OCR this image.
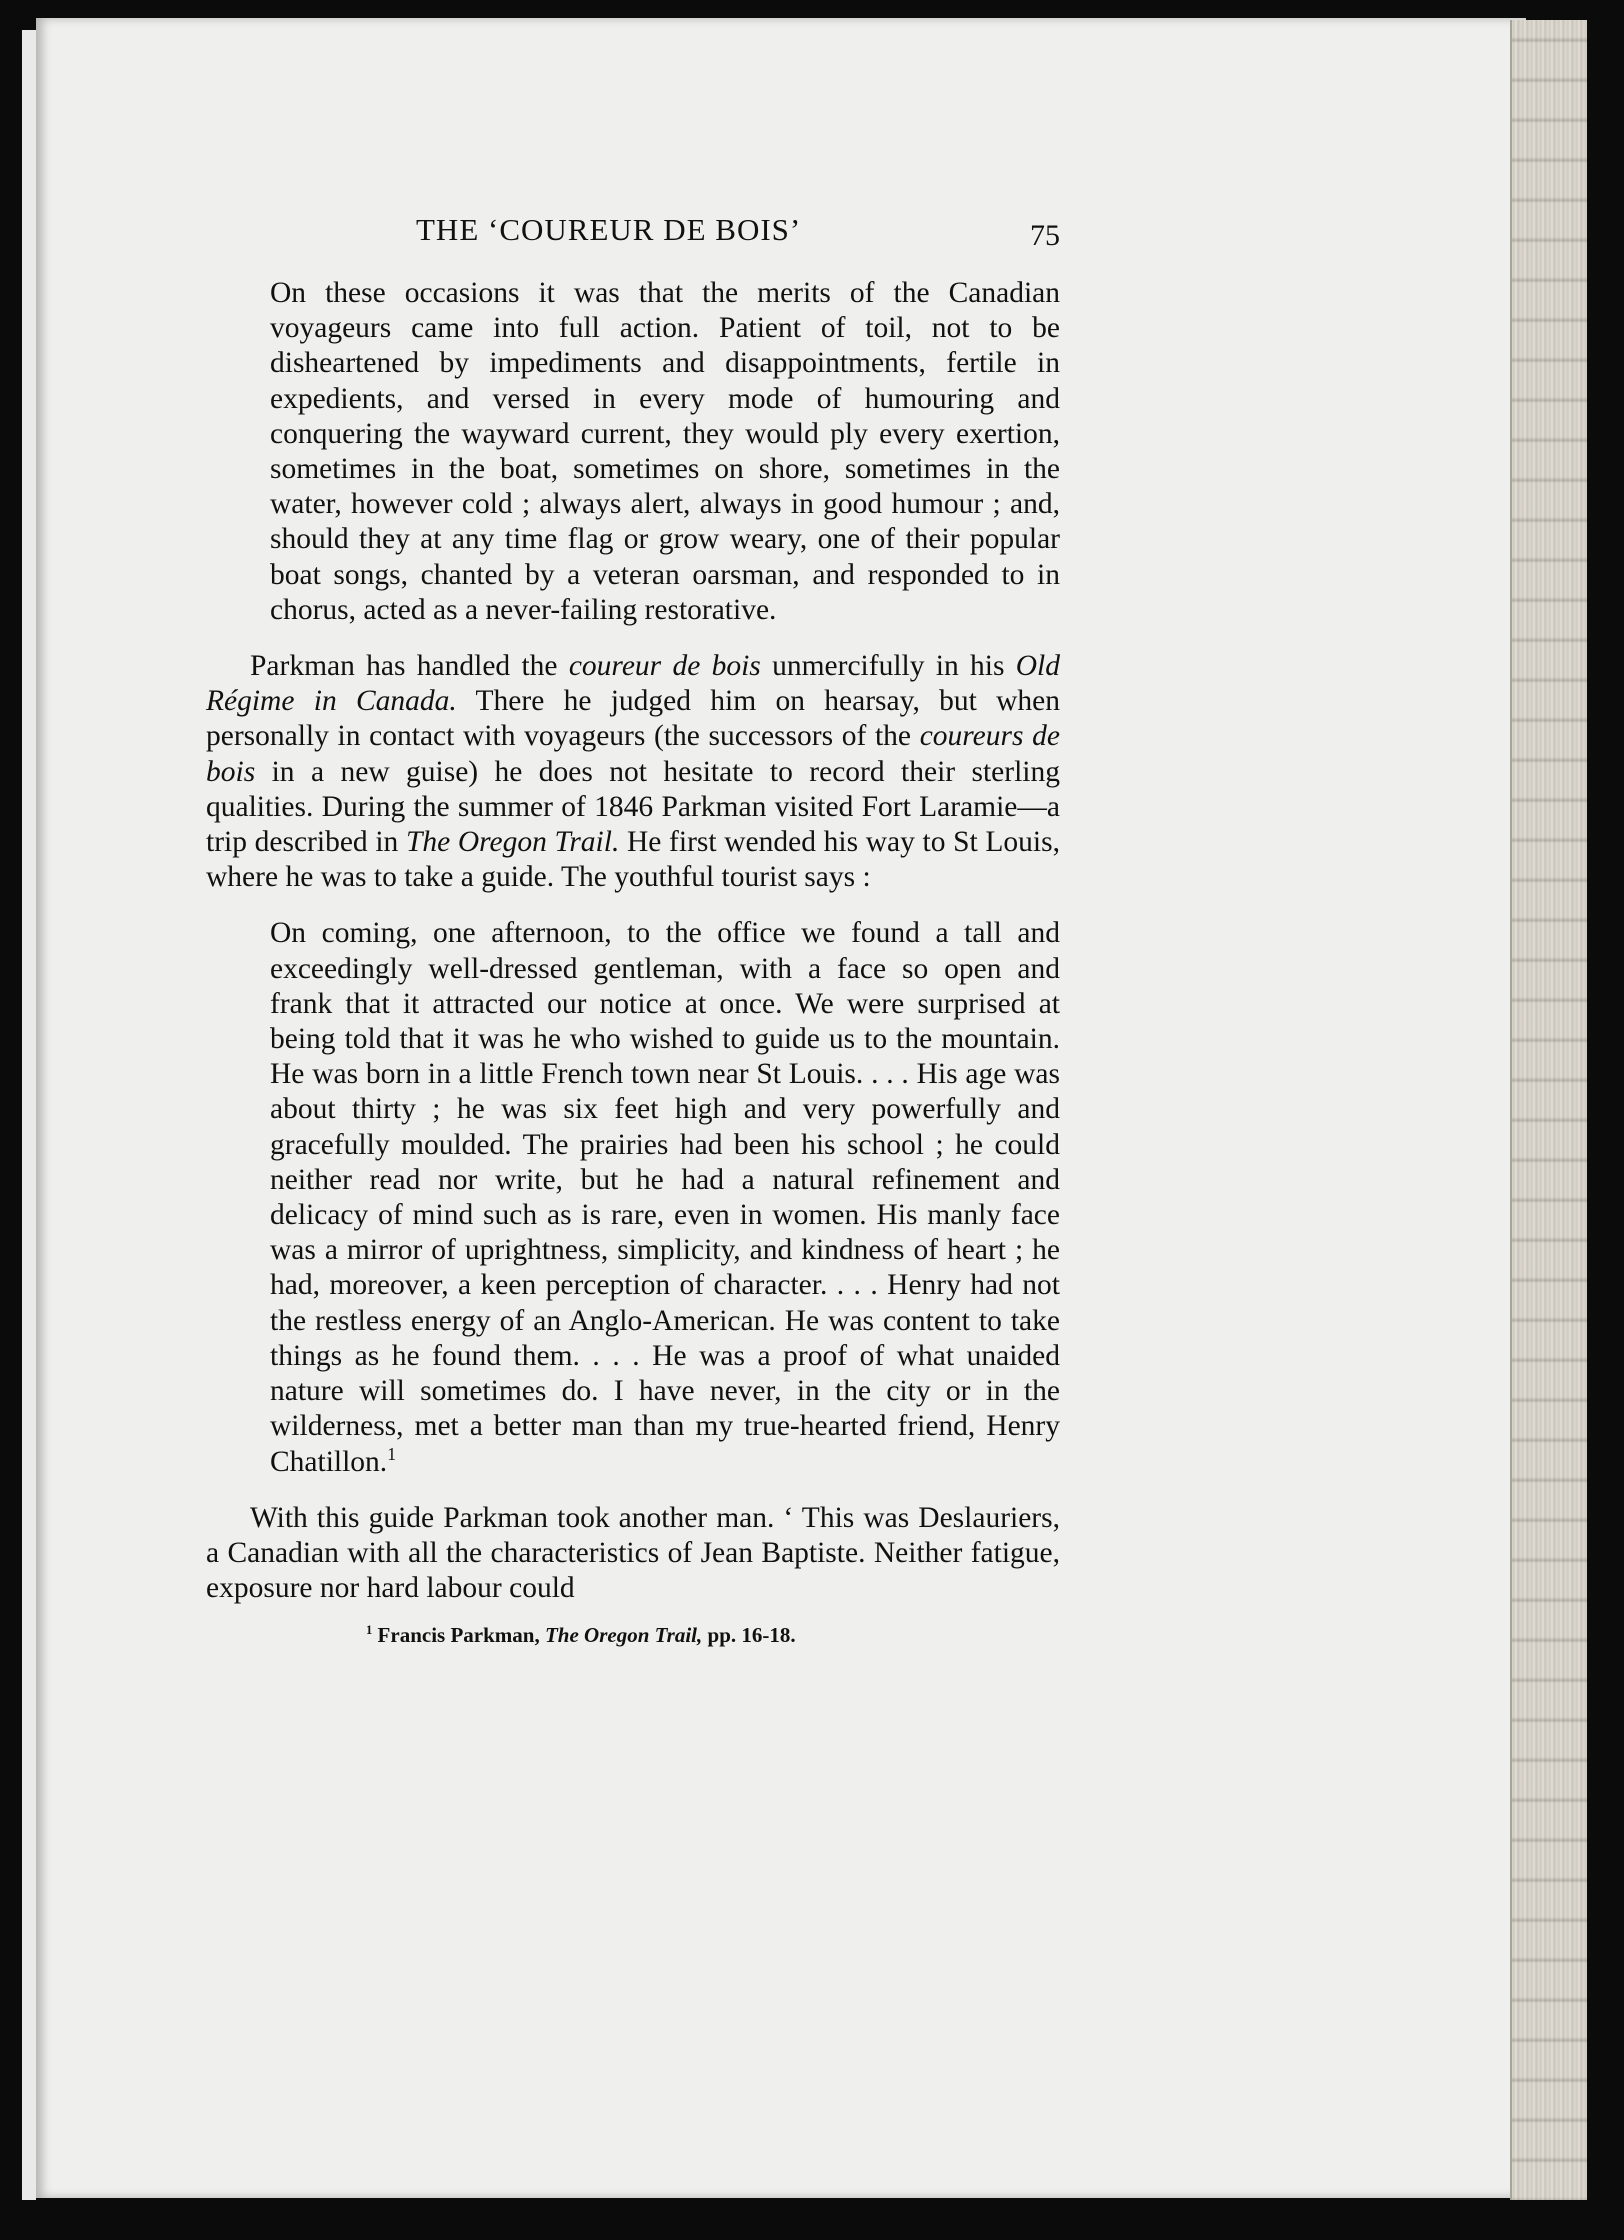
THE ‘COUREUR DE BOIS’	75

On these occasions it was that the merits of the Canadian voyageurs came into full action. Patient of toil, not to be disheartened by impediments and disappointments, fertile in expedients, and versed in every mode of humouring and conquering the wayward current, they would ply every exertion, sometimes in the boat, sometimes on shore, sometimes in the water, however cold ; always alert, always in good humour ; and, should they at any time flag or grow weary, one of their popular boat songs, chanted by a veteran oarsman, and responded to in chorus, acted as a never-failing restorative.

Parkman has handled the coureur de bois unmercifully in his Old Régime in Canada. There he judged him on hearsay, but when personally in contact with voyageurs (the successors of the coureurs de bois in a new guise) he does not hesitate to record their sterling qualities. During the summer of 1846 Parkman visited Fort Laramie—a trip described in The Oregon Trail. He first wended his way to St Louis, where he was to take a guide. The youthful tourist says :

On coming, one afternoon, to the office we found a tall and exceedingly well-dressed gentleman, with a face so open and frank that it attracted our notice at once. We were surprised at being told that it was he who wished to guide us to the mountain. He was born in a little French town near St Louis. . . . His age was about thirty ; he was six feet high and very powerfully and gracefully moulded. The prairies had been his school ; he could neither read nor write, but he had a natural refinement and delicacy of mind such as is rare, even in women. His manly face was a mirror of uprightness, simplicity, and kindness of heart ; he had, moreover, a keen perception of character. . . . Henry had not the restless energy of an Anglo-American. He was content to take things as he found them. . . . He was a proof of what unaided nature will sometimes do. I have never, in the city or in the wilderness, met a better man than my true-hearted friend, Henry Chatillon.$^1$

With this guide Parkman took another man. ‘ This was Deslauriers, a Canadian with all the characteristics of Jean Baptiste. Neither fatigue, exposure nor hard labour could

$^1$ Francis Parkman, The Oregon Trail, pp. 16-18.
